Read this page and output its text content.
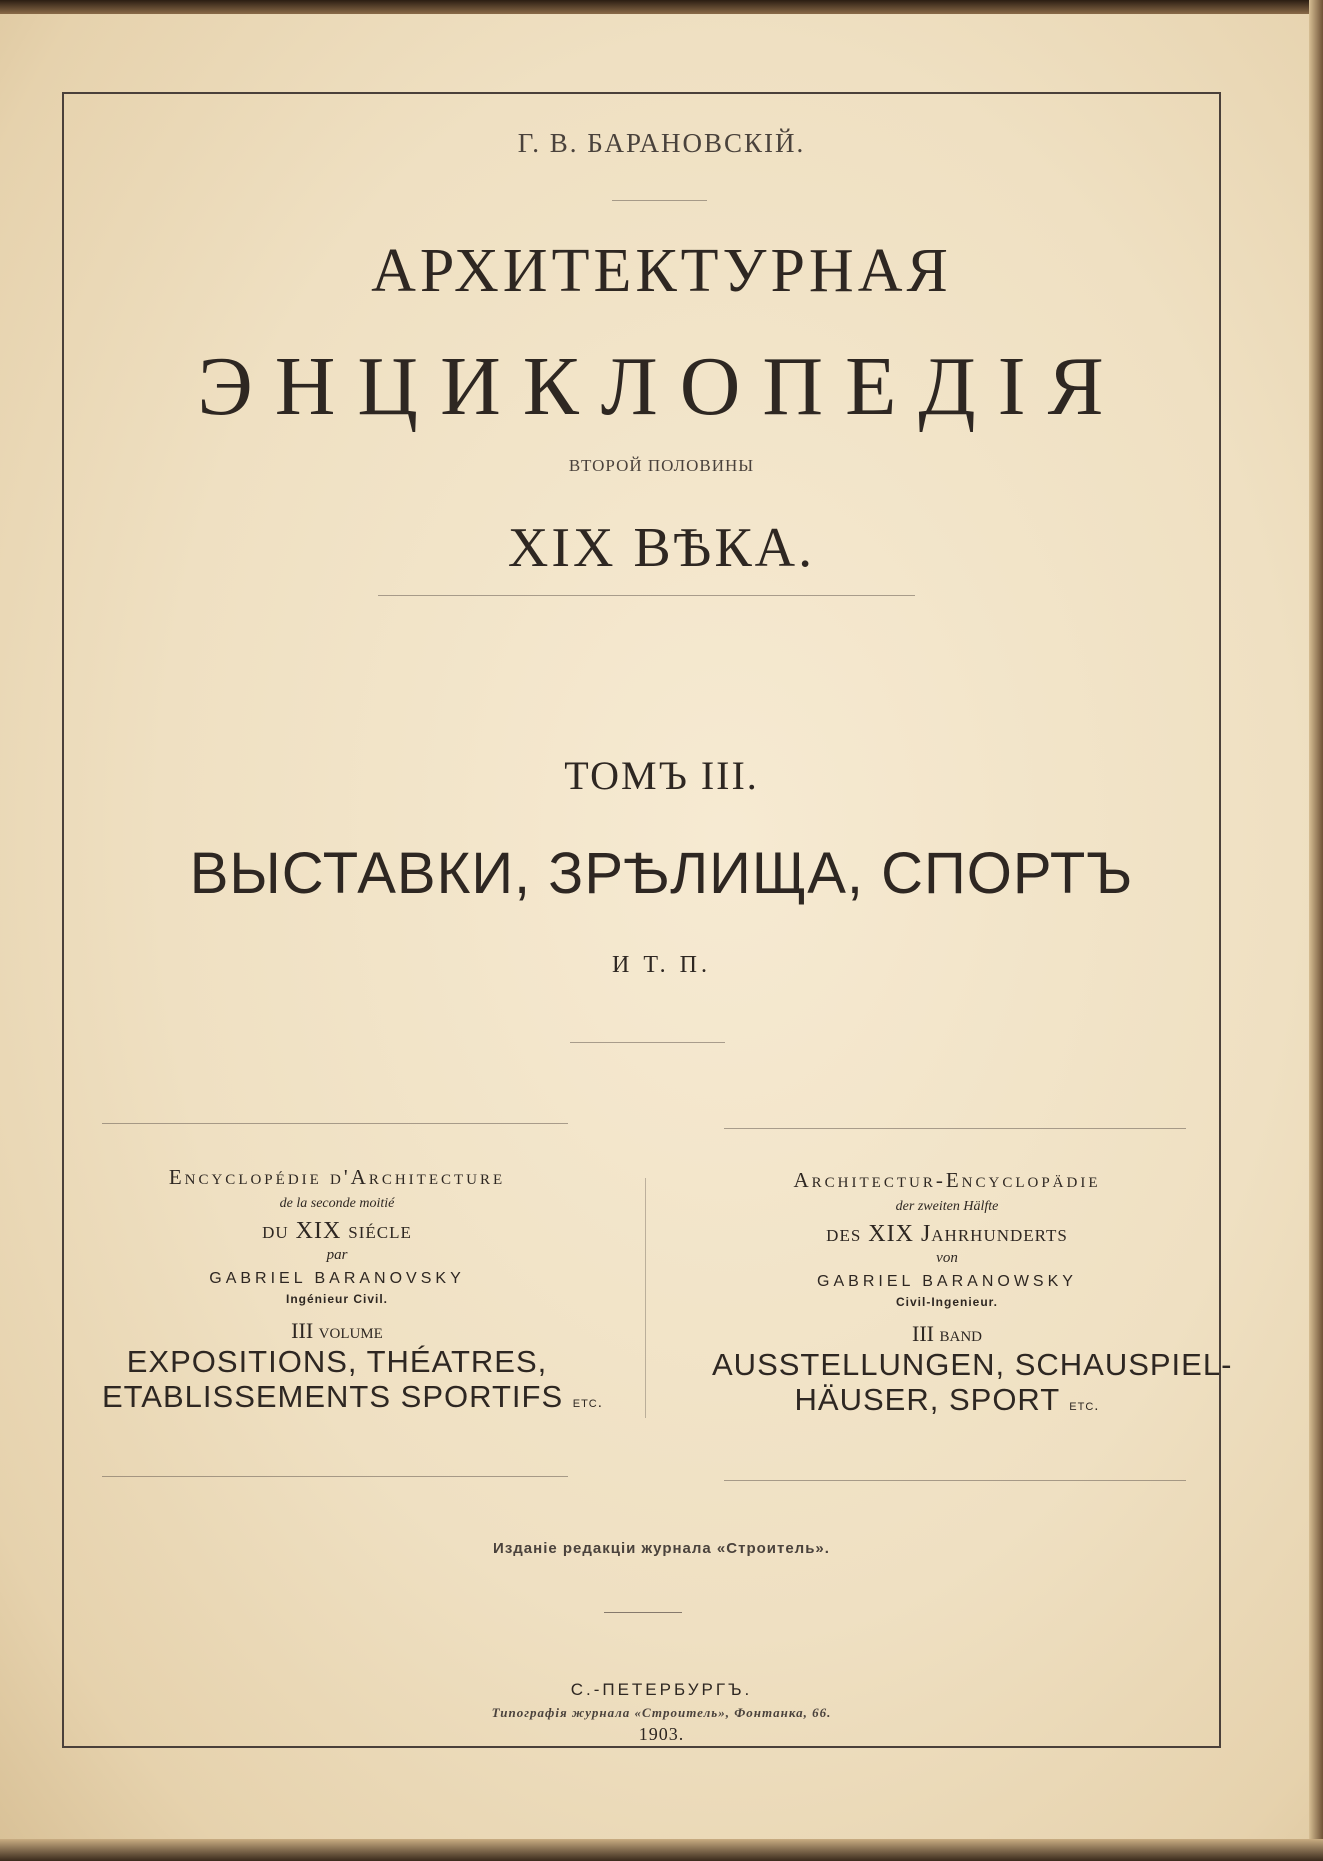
Г. В. БАРАНОВСКІЙ.
АРХИТЕКТУРНАЯ
ЭНЦИКЛОПЕДІЯ
ВТОРОЙ ПОЛОВИНЫ
XIX ВѢКА.
ТОМЪ III.
ВЫСТАВКИ, ЗРѢЛИЩА, СПОРТЪ
И Т. П.
Encyclopédie d'Architecture
de la seconde moitié
du XIX siécle
par
GABRIEL BARANOVSKY
Ingénieur Civil.
III volume
EXPOSITIONS, THÉATRES,
ETABLISSEMENTS SPORTIFS etc.
Architectur-Encyclopädie
der zweiten Hälfte
des XIX Jahrhunderts
von
GABRIEL BARANOWSKY
Civil-Ingenieur.
III band
AUSSTELLUNGEN, SCHAUSPIEL-
HÄUSER, SPORT etc.
Изданіе редакціи журнала «Строитель».
С.-ПЕТЕРБУРГЪ.
Типографія журнала «Строитель», Фонтанка, 66.
1903.
